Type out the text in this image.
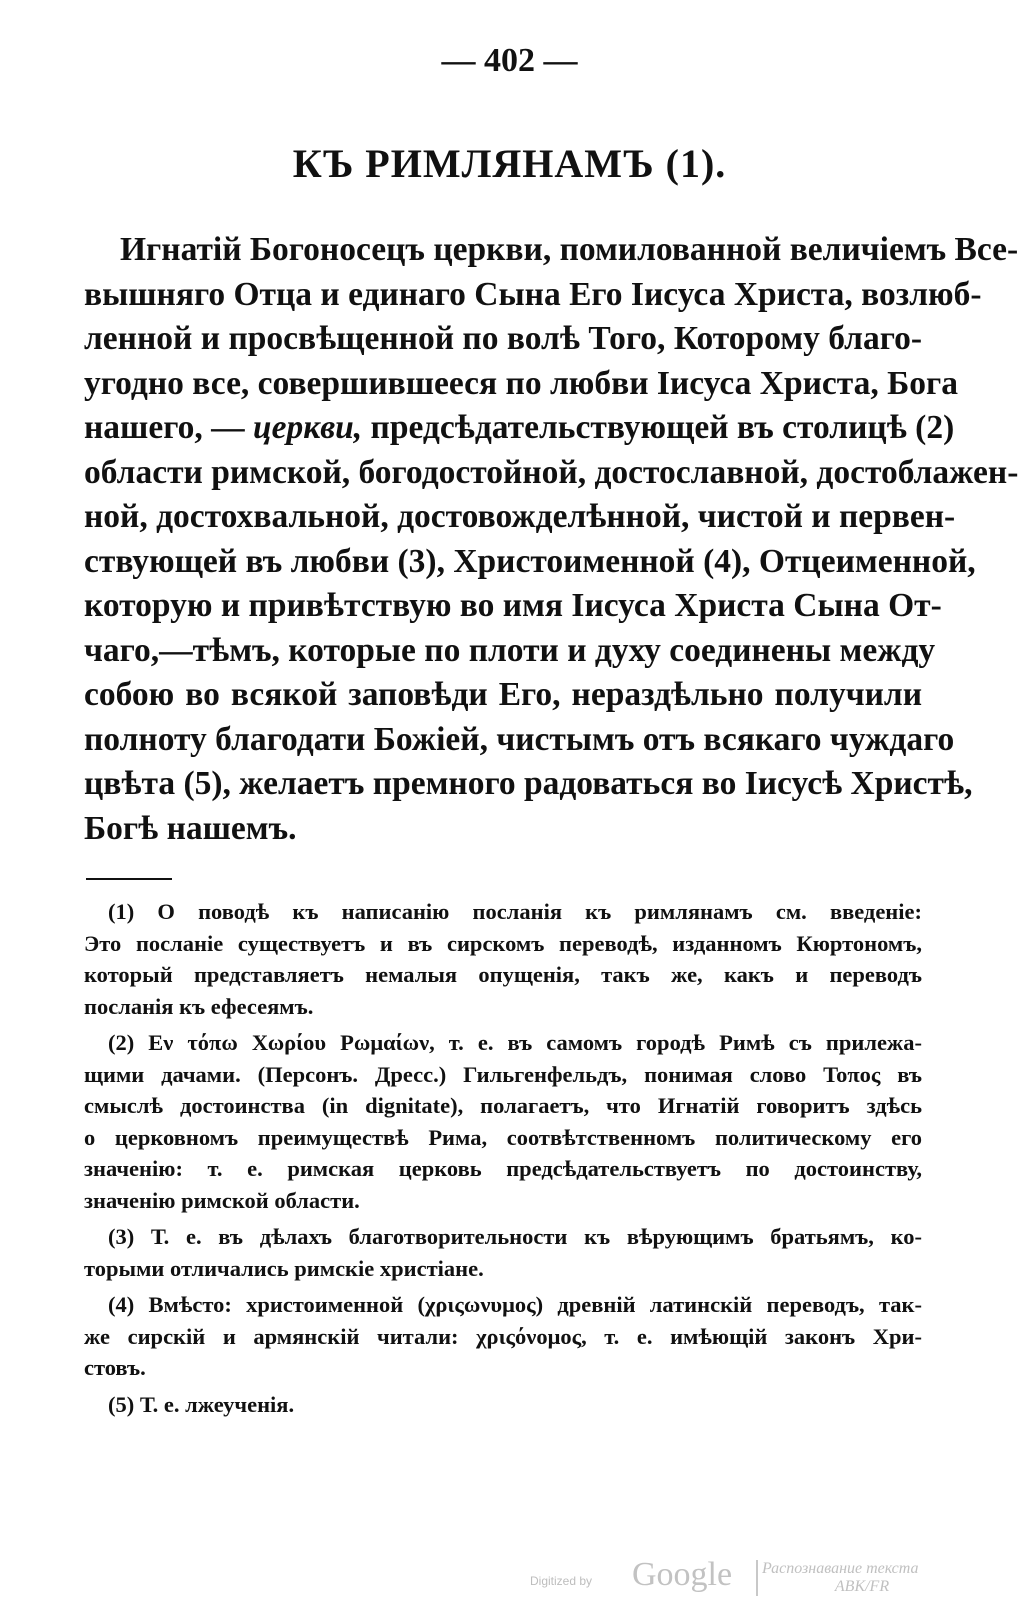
— 402 —
КЪ РИМЛЯНАМЪ (1).
Игнатій Богоносецъ церкви, помилованной величіемъ Все-
вышняго Отца и единаго Сына Его Іисуса Христа, возлюб-
ленной и просвѣщенной по волѣ Того, Которому благо-
угодно все, совершившееся по любви Іисуса Христа, Бога
нашего, — церкви, предсѣдательствующей въ столицѣ (2)
области римской, богодостойной, достославной, достоблажен-
ной, достохвальной, достовожделѣнной, чистой и первен-
ствующей въ любви (3), Христоименной (4), Отцеименной,
которую и привѣтствую во имя Іисуса Христа Сына От-
чаго,—тѣмъ, которые по плоти и духу соединены между
собою во всякой заповѣди Его, нераздѣльно получили
полноту благодати Божіей, чистымъ отъ всякаго чуждаго
цвѣта (5), желаетъ премного радоваться во Іисусѣ Христѣ,
Богѣ нашемъ.
(1) О поводѣ къ написанію посланія къ римлянамъ см. введеніе:
Это посланіе существуетъ и въ сирскомъ переводѣ, изданномъ Кюртономъ,
который представляетъ немалыя опущенія, такъ же, какъ и переводъ
посланія къ ефесеямъ.
(2) Εν τόπω Χωρίου Ρωμαίων, т. е. въ самомъ городѣ Римѣ съ прилежа-
щими дачами. (Персонъ. Дресс.) Гильгенфельдъ, понимая слово Τοπος въ
смыслѣ достоинства (in dignitate), полагаетъ, что Игнатій говоритъ здѣсь
о церковномъ преимуществѣ Рима, соотвѣтственномъ политическому его
значенію: т. е. римская церковь предсѣдательствуетъ по достоинству,
значенію римской области.
(3) Т. е. въ дѣлахъ благотворительности къ вѣрующимъ братьямъ, ко-
торыми отличались римскіе христіане.
(4) Вмѣсто: христоименной (χριςωνυμος) древній латинскій переводъ, так-
же сирскій и армянскій читали: χριςόνομος, т. е. имѣющій законъ Хри-
стовъ.
(5) Т. е. лжеученія.
Digitized by Google	Распознавание текста
ABK/FR
